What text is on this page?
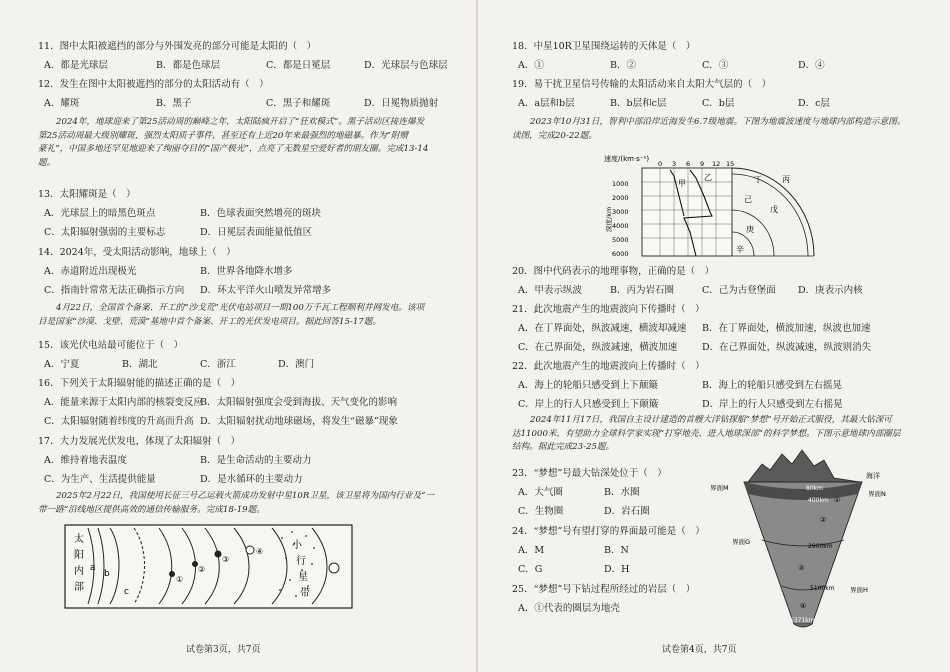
11．图中太阳被遮挡的部分与外围发亮的部分可能是太阳的（　）
A．都是光球层	B．都是色球层	C．都是日冕层	D．光球层与色球层
12．发生在图中太阳被遮挡的部分的太阳活动有（　）
A．耀斑	B．黑子	C．黑子和耀斑	D．日冕物质抛射
2024年，地球迎来了第25活动周的巅峰之年，太阳陆疯开启了“狂欢模式”。黑子活动区接连爆发
第25活动周最大级别耀斑，强烈太阳质子事件，甚至还有上近20年来最强烈的地磁暴。作为“附赠
豪礼”，中国多地还罕见地迎来了绚丽夺目的“国产极光”，点亮了无数星空爱好者的朋友圈。完成13-14
题。
13．太阳耀斑是（　）
A．光球层上的暗黑色斑点	B．色球表面突然增亮的斑块
C．太阳辐射强弱的主要标志	D．日冕层表面能量低值区
14．2024年，受太阳活动影响，地球上（　）
A．赤道附近出现极光	B．世界各地降水增多
C．指南针常常无法正确指示方向 D．环太平洋火山喷发异常增多
4月22日，全国首个备案、开工的“沙戈荒”光伏电站项目一期100万千瓦工程顺利并网发电。该项
目是国家“沙漠、戈壁、荒漠”基地中首个备案、开工的光伏发电项目。据此回答15-17题。
15．该光伏电站最可能位于（　）
A．宁夏	B．湖北	C．浙江	D．澳门
16．下列关于太阳辐射能的描述正确的是（　）
A．能量来源于太阳内部的核裂变反应
B．太阳辐射强度会受到海拔、天气变化的影响
C．太阳辐射随着纬度的升高而升高 D．太阳辐射扰动地球磁场，将发生“磁暴”现象
17．大力发展光伏发电，体现了太阳辐射（　）
A．维持着地表温度	B．是生命活动的主要动力
C．为生产、生活提供能量	D．是水循环的主要动力
2025年2月22日，我国使用长征三号乙运载火箭成功发射中星10R卫星，该卫星将为国内行业及“一
带一路”沿线地区提供高效的通信传输服务。完成18-19题。
太
阳
内
部
a
b
c
①
②
③
④
小
行
星
带
试卷第3页，共7页
18．中星10R卫星围绕运转的天体是（　）
A．①	B．②	C．③	D．④
19．易干扰卫星信号传输的太阳活动来自太阳大气层的（　）
A．a层和b层	B．b层和c层	C．b层	D．c层
2023年10月31日，智利中部沿岸近海发生6.7级地震。下图为地震波速度与地球内部构造示意图。
读图，完成20-22题。
速度/(km·s⁻¹)
0 3 6 9 12 15
1000
2000
3000
4000
5000
6000
深度/km
甲
乙	丁	丙
己
戊
庚
辛
20．图中代码表示的地理事物，正确的是（　）
A．甲表示纵波	B．丙为岩石圈	C．己为古登堡面 D．庚表示内核
21．此次地震产生的地震波向下传播时（　）
A．在丁界面处，纵波减速，横波却减速 B．在丁界面处，横波加速，纵波也加速
C．在己界面处，纵波减速，横波加速	D．在己界面处，纵波减速，纵波则消失
22．此次地震产生的地震波向上传播时（　）
A．海上的轮船只感受到上下颠簸	B．海上的轮船只感受到左右摇晃
C．岸上的行人只感受到上下颠簸	D．岸上的行人只感受到左右摇晃
2024年11月17日，我国自主设计建造的首艘大洋钻探船“梦想”号开始正式服役，其最大钻深可
达11000米，有望助力全球科学家实现“打穿地壳、进入地球深部”的科学梦想。下图示意地球内部圈层
结构。据此完成23-25题。
23．“梦想”号最大钻深处位于（　）
A．大气圈	B．水圈
C．生物圈	D．岩石圈
24．“梦想”号有望打穿的界面最可能是（　）
A．M	B．N
C．G	D．H
25．“梦想”号下钻过程所经过的岩层（　）
A．①代表的圈层为地壳
海洋
界面M
界面N
界面G
界面H
80km
400km
2900km
5100km
6371km
①
②
③
④
试卷第4页，共7页
